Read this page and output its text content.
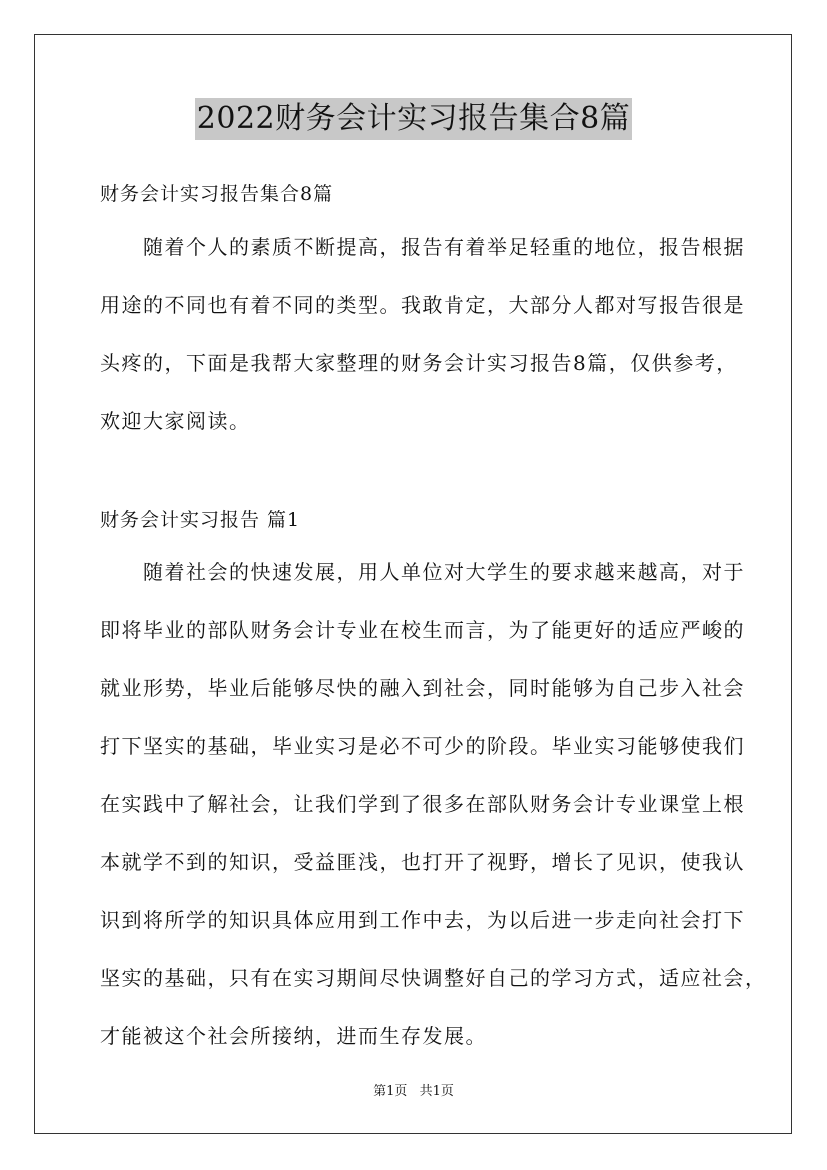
2022财务会计实习报告集合8篇
财务会计实习报告集合8篇

　　随着个人的素质不断提高，报告有着举足轻重的地位，报告根据
用途的不同也有着不同的类型。我敢肯定，大部分人都对写报告很是
头疼的，下面是我帮大家整理的财务会计实习报告8篇，仅供参考，
欢迎大家阅读。

财务会计实习报告 篇1

　　随着社会的快速发展，用人单位对大学生的要求越来越高，对于
即将毕业的部队财务会计专业在校生而言，为了能更好的适应严峻的
就业形势，毕业后能够尽快的融入到社会，同时能够为自己步入社会
打下坚实的基础，毕业实习是必不可少的阶段。毕业实习能够使我们
在实践中了解社会，让我们学到了很多在部队财务会计专业课堂上根
本就学不到的知识，受益匪浅，也打开了视野，增长了见识，使我认
识到将所学的知识具体应用到工作中去，为以后进一步走向社会打下
坚实的基础，只有在实习期间尽快调整好自己的学习方式，适应社会，
才能被这个社会所接纳，进而生存发展。

第1页 共1页
